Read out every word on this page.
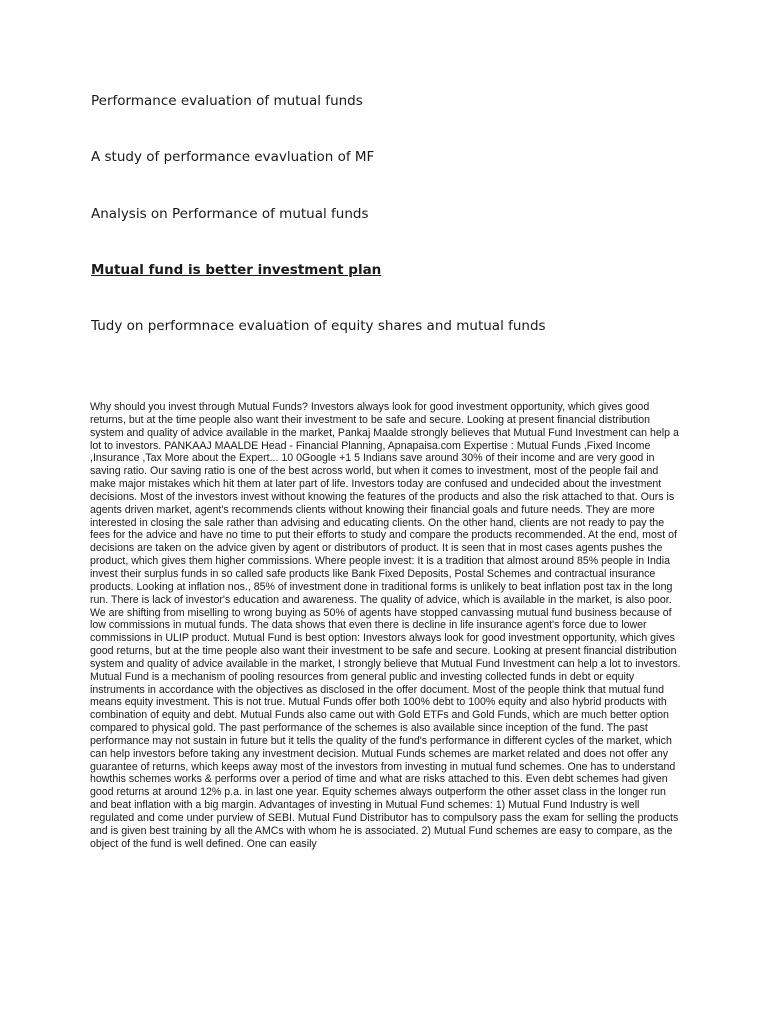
Performance evaluation of mutual funds
A study of performance evavluation of MF
Analysis on Performance of mutual funds
Mutual fund is better investment plan
Tudy on performnace evaluation of equity shares and mutual funds

Why should you invest through Mutual Funds? Investors always look for good investment opportunity, which gives good returns, but at the time people also want their investment to be safe and secure. Looking at present financial distribution system and quality of advice available in the market, Pankaj Maalde strongly believes that Mutual Fund Investment can help a lot to investors. PANKAAJ MAALDE Head - Financial Planning, Apnapaisa.com Expertise : Mutual Funds ,Fixed Income ,Insurance ,Tax More about the Expert... 10 0Google +1 5 Indians save around 30% of their income and are very good in saving ratio. Our saving ratio is one of the best across world, but when it comes to investment, most of the people fail and make major mistakes which hit them at later part of life. Investors today are confused and undecided about the investment decisions. Most of the investors invest without knowing the features of the products and also the risk attached to that. Ours is agents driven market, agent's recommends clients without knowing their financial goals and future needs. They are more interested in closing the sale rather than advising and educating clients. On the other hand, clients are not ready to pay the fees for the advice and have no time to put their efforts to study and compare the products recommended. At the end, most of decisions are taken on the advice given by agent or distributors of product. It is seen that in most cases agents pushes the product, which gives them higher commissions. Where people invest: It is a tradition that almost around 85% people in India invest their surplus funds in so called safe products like Bank Fixed Deposits, Postal Schemes and contractual insurance products. Looking at inflation nos., 85% of investment done in traditional forms is unlikely to beat inflation post tax in the long run. There is lack of investor's education and awareness. The quality of advice, which is available in the market, is also poor. We are shifting from miselling to wrong buying as 50% of agents have stopped canvassing mutual fund business because of low commissions in mutual funds. The data shows that even there is decline in life insurance agent's force due to lower commissions in ULIP product. Mutual Fund is best option: Investors always look for good investment opportunity, which gives good returns, but at the time people also want their investment to be safe and secure. Looking at present financial distribution system and quality of advice available in the market, I strongly believe that Mutual Fund Investment can help a lot to investors. Mutual Fund is a mechanism of pooling resources from general public and investing collected funds in debt or equity instruments in accordance with the objectives as disclosed in the offer document. Most of the people think that mutual fund means equity investment. This is not true. Mutual Funds offer both 100% debt to 100% equity and also hybrid products with combination of equity and debt. Mutual Funds also came out with Gold ETFs and Gold Funds, which are much better option compared to physical gold. The past performance of the schemes is also available since inception of the fund. The past performance may not sustain in future but it tells the quality of the fund's performance in different cycles of the market, which can help investors before taking any investment decision. Mutual Funds schemes are market related and does not offer any guarantee of returns, which keeps away most of the investors from investing in mutual fund schemes. One has to understand howthis schemes works & performs over a period of time and what are risks attached to this. Even debt schemes had given good returns at around 12% p.a. in last one year. Equity schemes always outperform the other asset class in the longer run and beat inflation with a big margin. Advantages of investing in Mutual Fund schemes: 1) Mutual Fund Industry is well regulated and come under purview of SEBI. Mutual Fund Distributor has to compulsory pass the exam for selling the products and is given best training by all the AMCs with whom he is associated. 2) Mutual Fund schemes are easy to compare, as the object of the fund is well defined. One can easily
